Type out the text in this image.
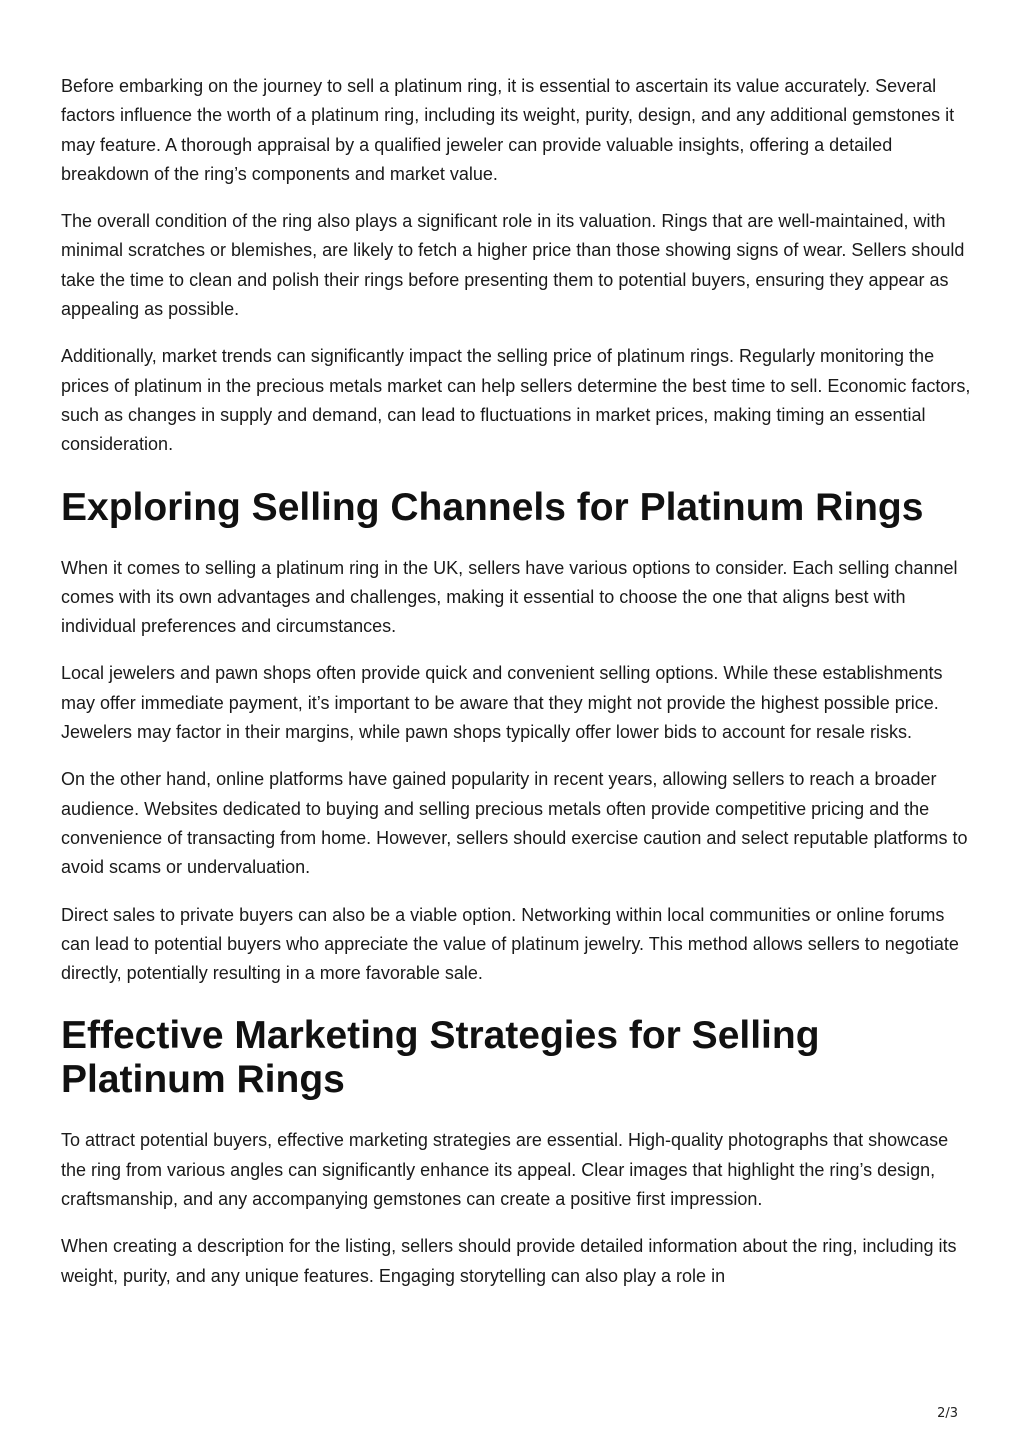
Before embarking on the journey to sell a platinum ring, it is essential to ascertain its value accurately. Several factors influence the worth of a platinum ring, including its weight, purity, design, and any additional gemstones it may feature. A thorough appraisal by a qualified jeweler can provide valuable insights, offering a detailed breakdown of the ring’s components and market value.

The overall condition of the ring also plays a significant role in its valuation. Rings that are well-maintained, with minimal scratches or blemishes, are likely to fetch a higher price than those showing signs of wear. Sellers should take the time to clean and polish their rings before presenting them to potential buyers, ensuring they appear as appealing as possible.

Additionally, market trends can significantly impact the selling price of platinum rings. Regularly monitoring the prices of platinum in the precious metals market can help sellers determine the best time to sell. Economic factors, such as changes in supply and demand, can lead to fluctuations in market prices, making timing an essential consideration.

Exploring Selling Channels for Platinum Rings

When it comes to selling a platinum ring in the UK, sellers have various options to consider. Each selling channel comes with its own advantages and challenges, making it essential to choose the one that aligns best with individual preferences and circumstances.

Local jewelers and pawn shops often provide quick and convenient selling options. While these establishments may offer immediate payment, it’s important to be aware that they might not provide the highest possible price. Jewelers may factor in their margins, while pawn shops typically offer lower bids to account for resale risks.

On the other hand, online platforms have gained popularity in recent years, allowing sellers to reach a broader audience. Websites dedicated to buying and selling precious metals often provide competitive pricing and the convenience of transacting from home. However, sellers should exercise caution and select reputable platforms to avoid scams or undervaluation.

Direct sales to private buyers can also be a viable option. Networking within local communities or online forums can lead to potential buyers who appreciate the value of platinum jewelry. This method allows sellers to negotiate directly, potentially resulting in a more favorable sale.

Effective Marketing Strategies for Selling Platinum Rings

To attract potential buyers, effective marketing strategies are essential. High-quality photographs that showcase the ring from various angles can significantly enhance its appeal. Clear images that highlight the ring’s design, craftsmanship, and any accompanying gemstones can create a positive first impression.

When creating a description for the listing, sellers should provide detailed information about the ring, including its weight, purity, and any unique features. Engaging storytelling can also play a role in

2/3
